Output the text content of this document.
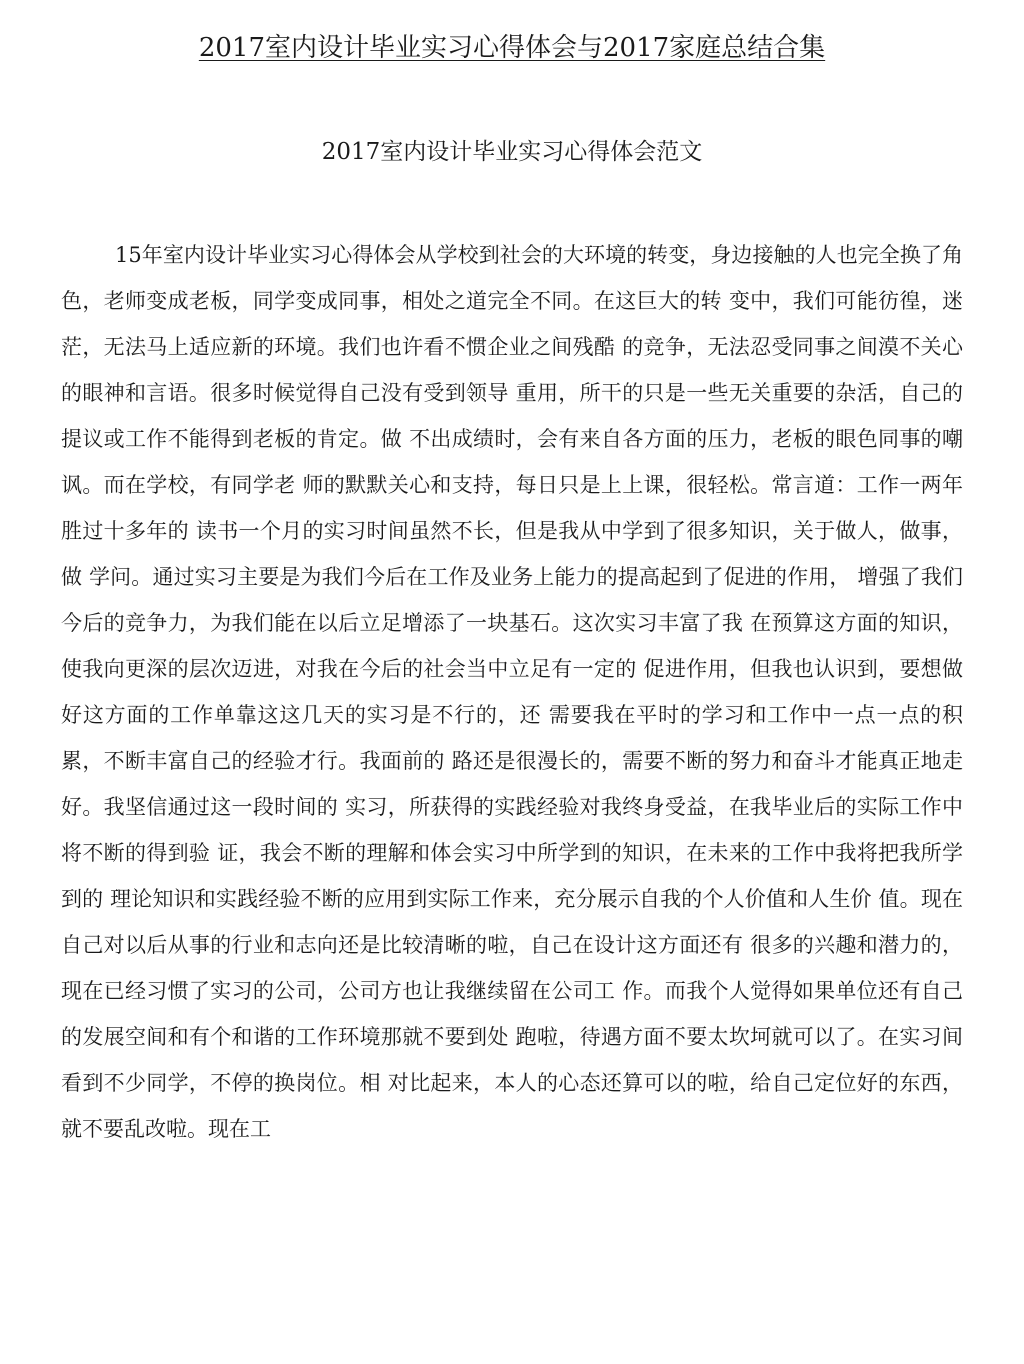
2017室内设计毕业实习心得体会与2017家庭总结合集
2017室内设计毕业实习心得体会范文

15年室内设计毕业实习心得体会从学校到社会的大环境的转变，身边接触的人也完全换了角色，老师变成老板，同学变成同事，相处之道完全不同。在这巨大的转 变中，我们可能彷徨，迷茫，无法马上适应新的环境。我们也许看不惯企业之间残酷 的竞争，无法忍受同事之间漠不关心的眼神和言语。很多时候觉得自己没有受到领导 重用，所干的只是一些无关重要的杂活，自己的提议或工作不能得到老板的肯定。做 不出成绩时，会有来自各方面的压力，老板的眼色同事的嘲讽。而在学校，有同学老 师的默默关心和支持，每日只是上上课，很轻松。常言道：工作一两年胜过十多年的 读书一个月的实习时间虽然不长，但是我从中学到了很多知识，关于做人，做事，做 学问。通过实习主要是为我们今后在工作及业务上能力的提高起到了促进的作用， 增强了我们今后的竞争力，为我们能在以后立足增添了一块基石。这次实习丰富了我 在预算这方面的知识，使我向更深的层次迈进，对我在今后的社会当中立足有一定的 促进作用，但我也认识到，要想做好这方面的工作单靠这这几天的实习是不行的，还 需要我在平时的学习和工作中一点一点的积累，不断丰富自己的经验才行。我面前的 路还是很漫长的，需要不断的努力和奋斗才能真正地走好。我坚信通过这一段时间的 实习，所获得的实践经验对我终身受益，在我毕业后的实际工作中将不断的得到验 证，我会不断的理解和体会实习中所学到的知识，在未来的工作中我将把我所学到的 理论知识和实践经验不断的应用到实际工作来，充分展示自我的个人价值和人生价 值。现在自己对以后从事的行业和志向还是比较清晰的啦，自己在设计这方面还有 很多的兴趣和潜力的，现在已经习惯了实习的公司，公司方也让我继续留在公司工 作。而我个人觉得如果单位还有自己的发展空间和有个和谐的工作环境那就不要到处 跑啦，待遇方面不要太坎坷就可以了。在实习间看到不少同学，不停的换岗位。相 对比起来，本人的心态还算可以的啦，给自己定位好的东西，就不要乱改啦。现在工
